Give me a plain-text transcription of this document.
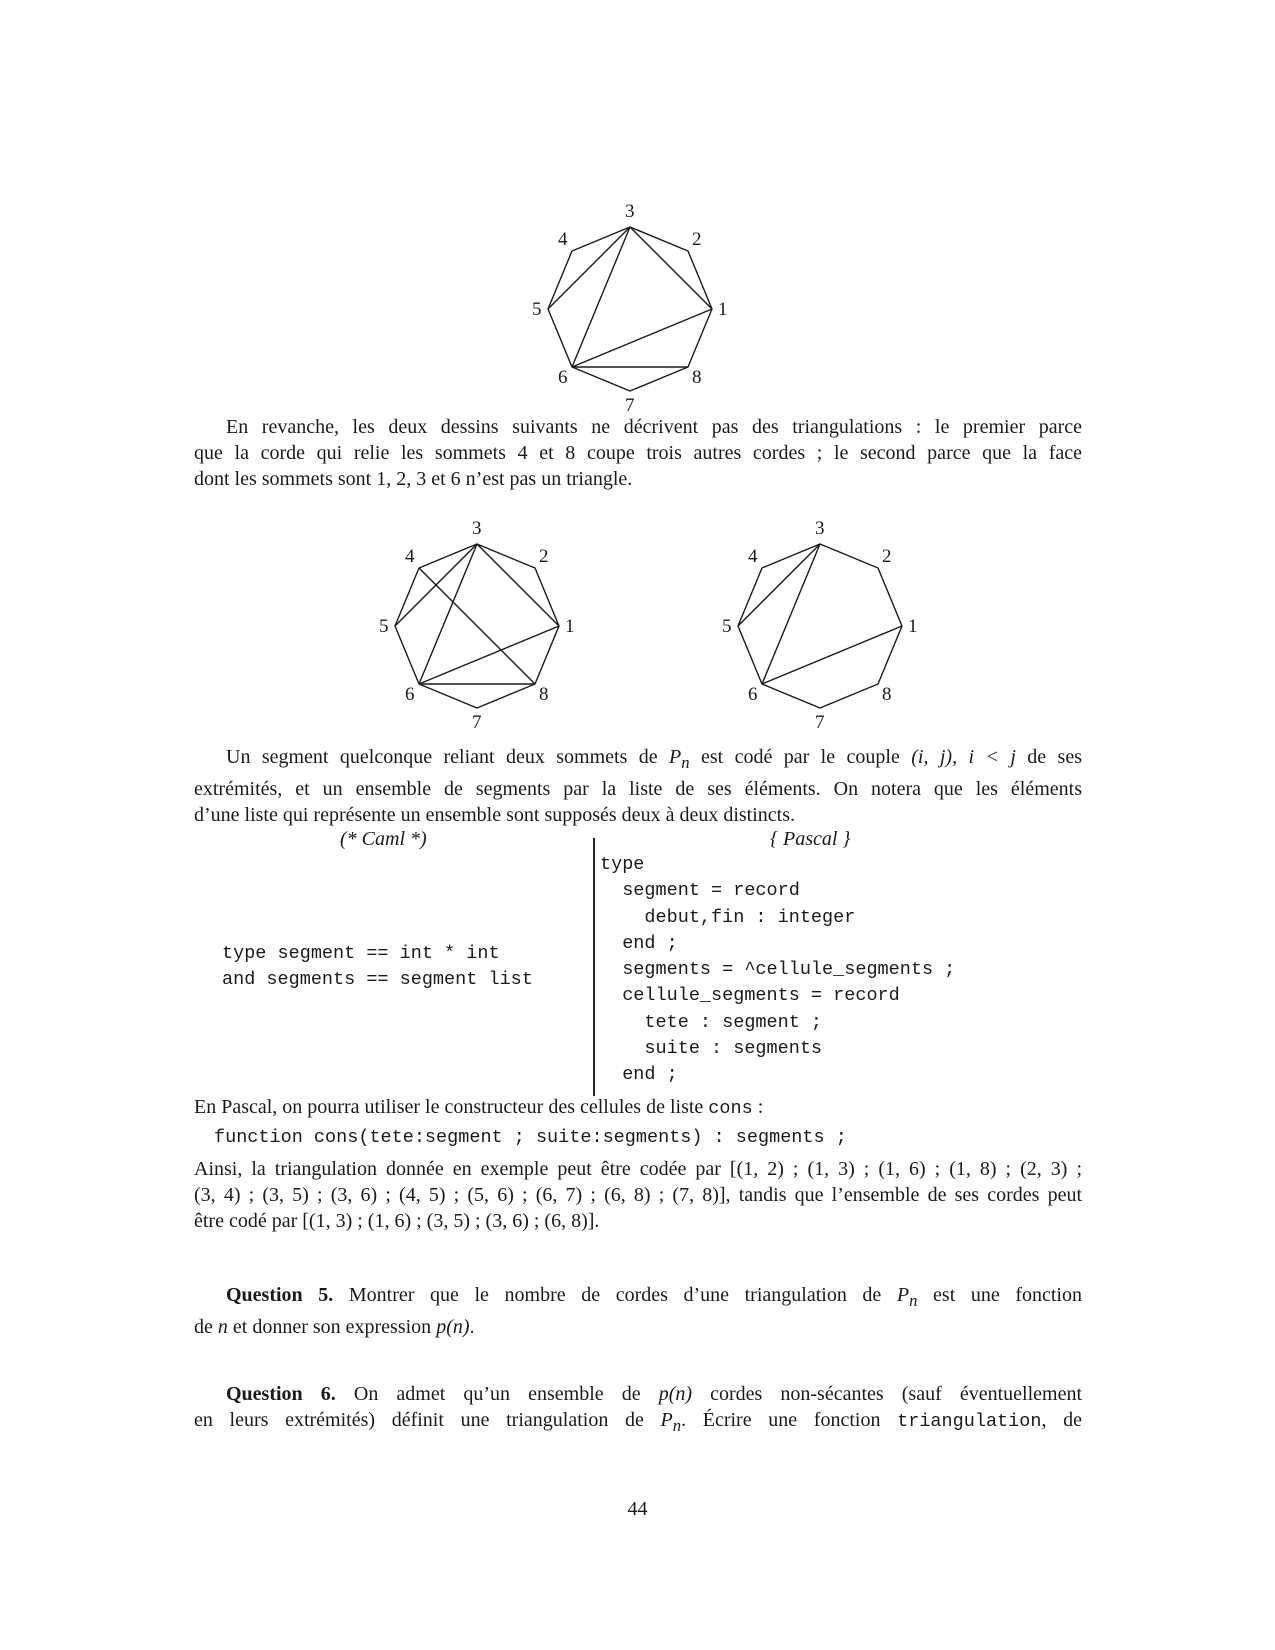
1
2
3
4
5
6
7
8
En revanche, les deux dessins suivants ne décrivent pas des triangulations : le premier parce
que la corde qui relie les sommets 4 et 8 coupe trois autres cordes ; le second parce que la face
dont les sommets sont 1, 2, 3 et 6 n’est pas un triangle.
1
2
3
4
5
6
7
8
1
2
3
4
5
6
7
8
Un segment quelconque reliant deux sommets de $P_n$ est codé par le couple (i, j), i < j de ses
extrémités, et un ensemble de segments par la liste de ses éléments. On notera que les éléments
d’une liste qui représente un ensemble sont supposés deux à deux distincts.
(* Caml *)
type segment == int * int
and segments == segment list
{ Pascal }
type
segment = record
debut,fin : integer
end ;
segments = ^cellule_segments ;
cellule_segments = record
tete : segment ;
suite : segments
end ;
En Pascal, on pourra utiliser le constructeur des cellules de liste cons :
function cons(tete:segment ; suite:segments) : segments ;
Ainsi, la triangulation donnée en exemple peut être codée par [(1, 2) ; (1, 3) ; (1, 6) ; (1, 8) ; (2, 3) ;
(3, 4) ; (3, 5) ; (3, 6) ; (4, 5) ; (5, 6) ; (6, 7) ; (6, 8) ; (7, 8)], tandis que l’ensemble de ses cordes peut
être codé par [(1, 3) ; (1, 6) ; (3, 5) ; (3, 6) ; (6, 8)].
Question 5. Montrer que le nombre de cordes d’une triangulation de $P_n$ est une fonction
de n et donner son expression p(n).
Question 6. On admet qu’un ensemble de p(n) cordes non-sécantes (sauf éventuellement
en leurs extrémités) définit une triangulation de $P_n$. Écrire une fonction triangulation, de
44
